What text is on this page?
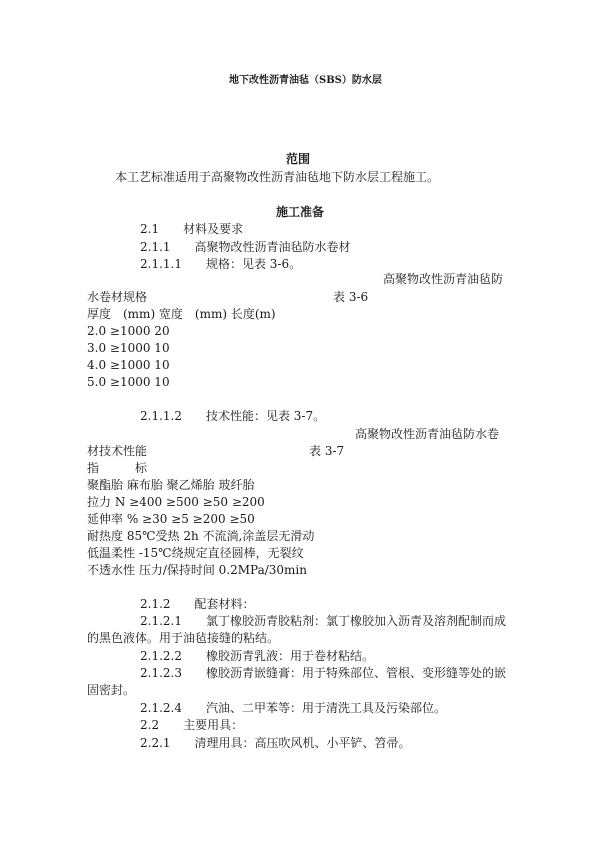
地下改性沥青油毡（SBS）防水层
范围
本工艺标准适用于高聚物改性沥青油毡地下防水层工程施工。
施工准备
2.1　　材料及要求
2.1.1　　高聚物改性沥青油毡防水卷材
2.1.1.1　　规格：见表 3-6。
高聚物改性沥青油毡防
水卷材规格	表 3-6
厚度　(mm) 宽度　(mm) 长度(m)
2.0 ≥1000 20
3.0 ≥1000 10
4.0 ≥1000 10
5.0 ≥1000 10
2.1.1.2　　技术性能：见表 3-7。
高聚物改性沥青油毡防水卷
材技术性能	表 3-7
指　　　标
聚酯胎 麻布胎 聚乙烯胎 玻纤胎
拉力 N ≥400 ≥500 ≥50 ≥200
延伸率 % ≥30 ≥5 ≥200 ≥50
耐热度 85℃受热 2h 不流淌,涂盖层无滑动
低温柔性 -15℃绕规定直径圆棒，无裂纹
不透水性 压力/保持时间 0.2MPa/30min
2.1.2　　配套材料：
2.1.2.1　　氯丁橡胶沥青胶粘剂：氯丁橡胶加入沥青及溶剂配制而成
的黑色液体。用于油毡接缝的粘结。
2.1.2.2　　橡胶沥青乳液：用于卷材粘结。
2.1.2.3　　橡胶沥青嵌缝膏：用于特殊部位、管根、变形缝等处的嵌
固密封。
2.1.2.4　　汽油、二甲苯等：用于清洗工具及污染部位。
2.2　　主要用具：
2.2.1　　清理用具：高压吹风机、小平铲、笤帚。
